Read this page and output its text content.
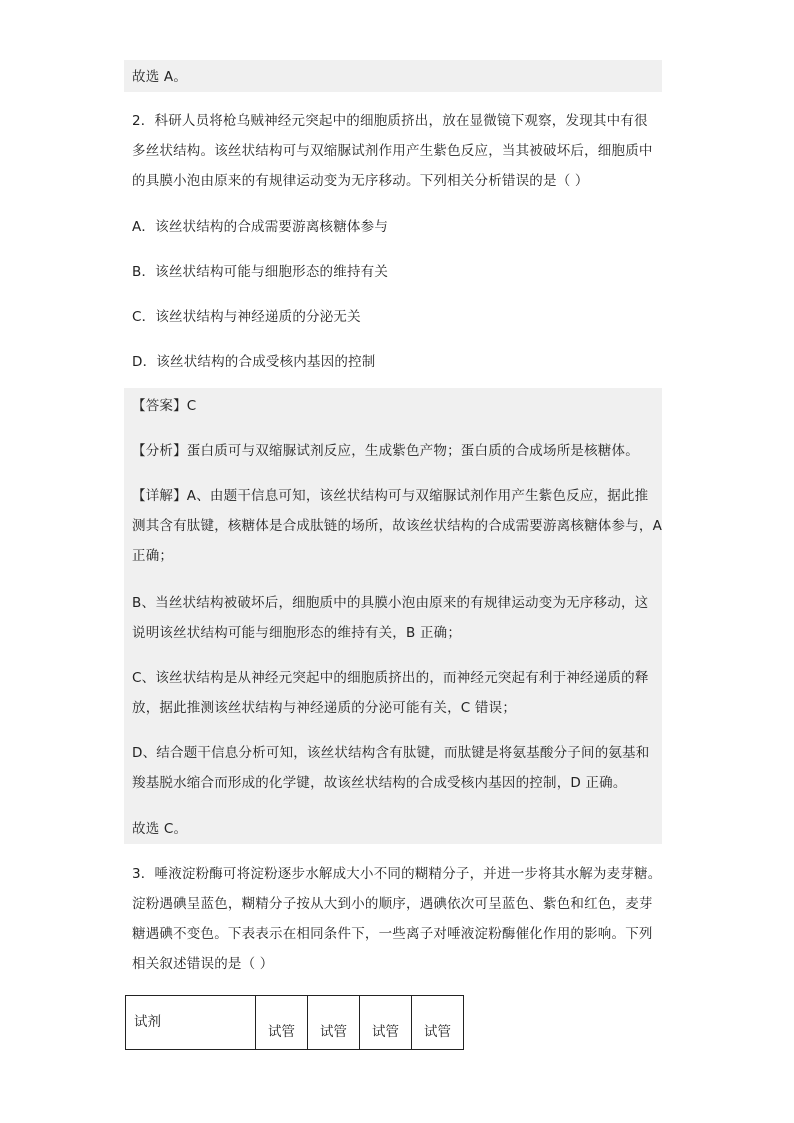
故选 A。
2．科研人员将枪乌贼神经元突起中的细胞质挤出，放在显微镜下观察，发现其中有很
多丝状结构。该丝状结构可与双缩脲试剂作用产生紫色反应，当其被破坏后，细胞质中
的具膜小泡由原来的有规律运动变为无序移动。下列相关分析错误的是（ ）
A．该丝状结构的合成需要游离核糖体参与
B．该丝状结构可能与细胞形态的维持有关
C．该丝状结构与神经递质的分泌无关
D．该丝状结构的合成受核内基因的控制
【答案】C
【分析】蛋白质可与双缩脲试剂反应，生成紫色产物；蛋白质的合成场所是核糖体。
【详解】A、由题干信息可知，该丝状结构可与双缩脲试剂作用产生紫色反应，据此推
测其含有肽键，核糖体是合成肽链的场所，故该丝状结构的合成需要游离核糖体参与，A
正确；
B、当丝状结构被破坏后，细胞质中的具膜小泡由原来的有规律运动变为无序移动，这
说明该丝状结构可能与细胞形态的维持有关，B 正确；
C、该丝状结构是从神经元突起中的细胞质挤出的，而神经元突起有利于神经递质的释
放，据此推测该丝状结构与神经递质的分泌可能有关，C 错误；
D、结合题干信息分析可知，该丝状结构含有肽键，而肽键是将氨基酸分子间的氨基和
羧基脱水缩合而形成的化学键，故该丝状结构的合成受核内基因的控制，D 正确。
故选 C。
3．唾液淀粉酶可将淀粉逐步水解成大小不同的糊精分子，并进一步将其水解为麦芽糖。
淀粉遇碘呈蓝色，糊精分子按从大到小的顺序，遇碘依次可呈蓝色、紫色和红色，麦芽
糖遇碘不变色。下表表示在相同条件下，一些离子对唾液淀粉酶催化作用的影响。下列
相关叙述错误的是（ ）
试剂	试管	试管	试管	试管
